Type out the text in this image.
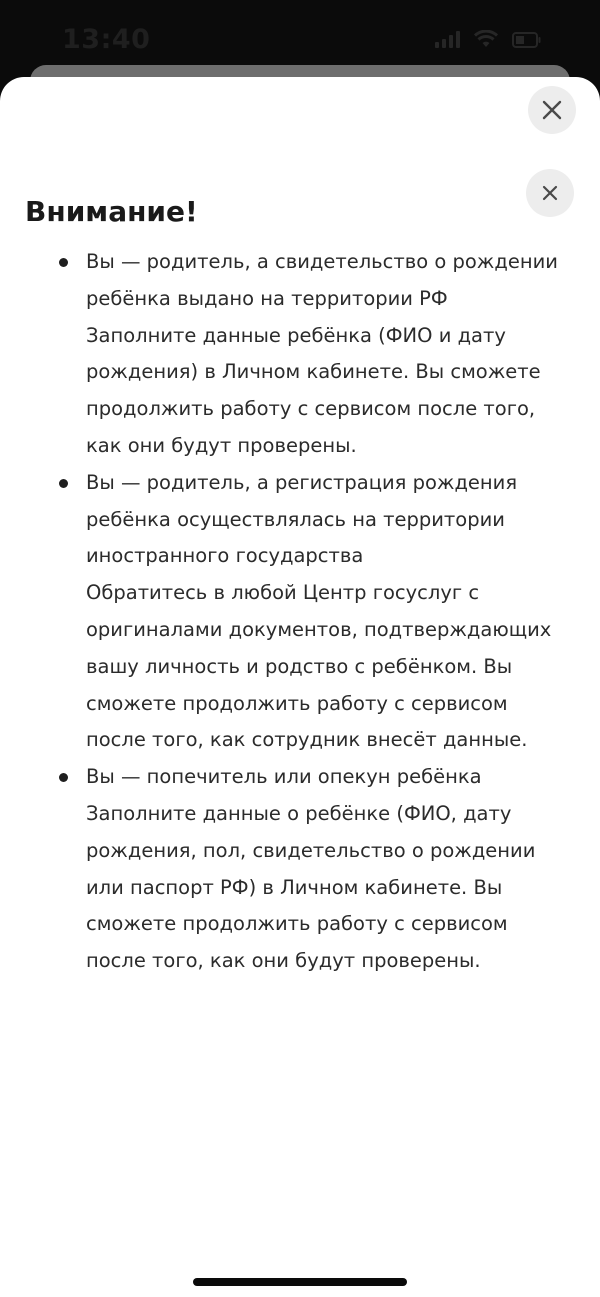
13:40
Внимание!

Вы — родитель, а свидетельство о рождении ребёнка выдано на территории РФ

Заполните данные ребёнка (ФИО и дату рождения) в Личном кабинете. Вы сможете продолжить работу с сервисом после того, как они будут проверены.

Вы — родитель, а регистрация рождения ребёнка осуществлялась на территории иностранного государства

Обратитесь в любой Центр госуслуг с оригиналами документов, подтверждающих вашу личность и родство с ребёнком. Вы сможете продолжить работу с сервисом после того, как сотрудник внесёт данные.

Вы — попечитель или опекун ребёнка

Заполните данные о ребёнке (ФИО, дату рождения, пол, свидетельство о рождении или паспорт РФ) в Личном кабинете. Вы сможете продолжить работу с сервисом после того, как они будут проверены.
